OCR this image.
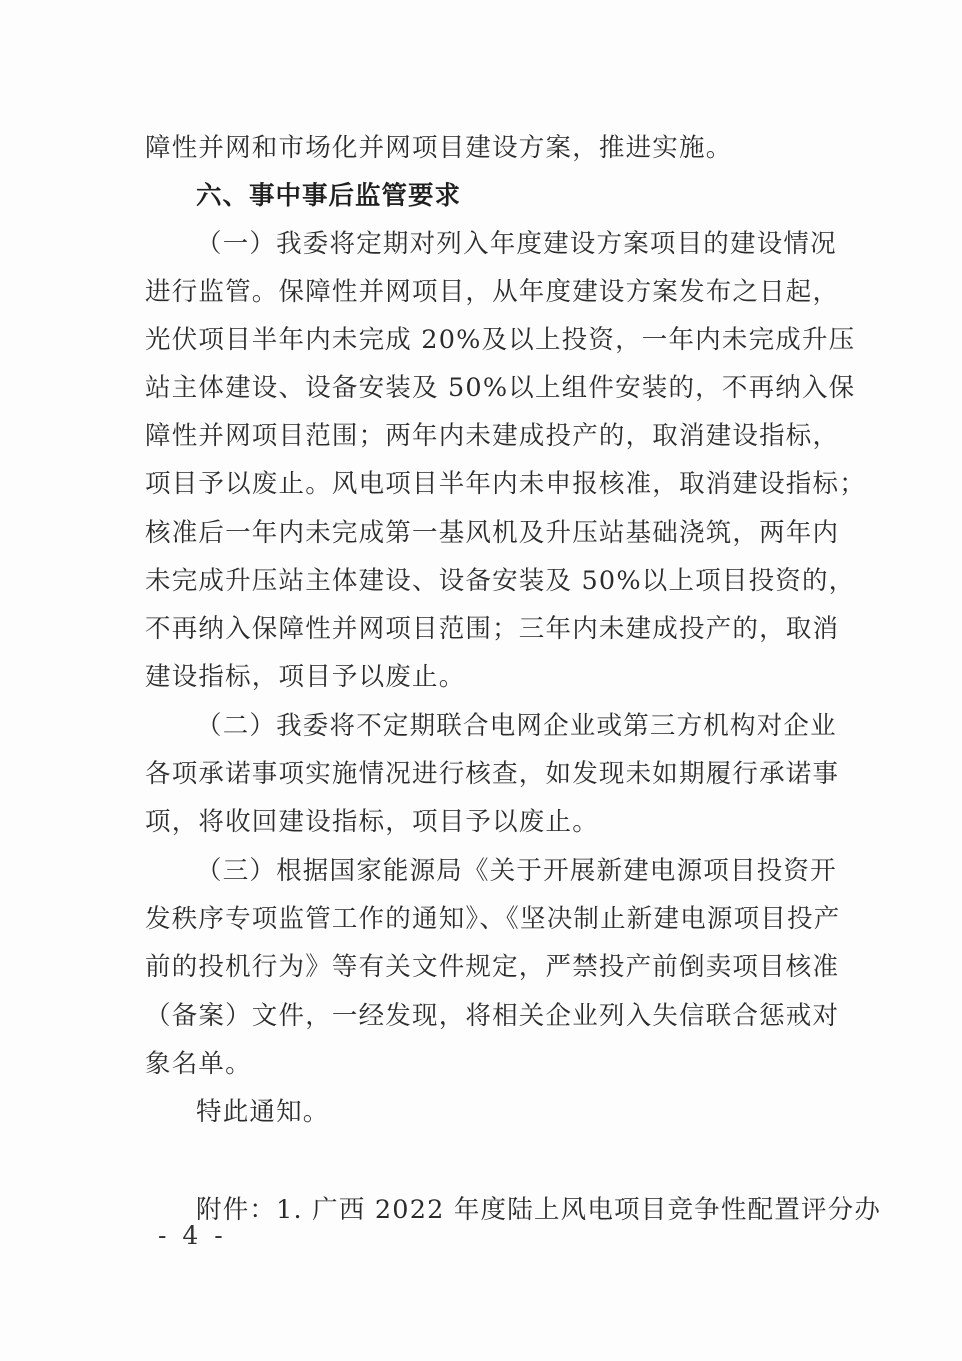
障性并网和市场化并网项目建设方案，推进实施。
六、事中事后监管要求
（一）我委将定期对列入年度建设方案项目的建设情况
进行监管。保障性并网项目，从年度建设方案发布之日起，
光伏项目半年内未完成 20%及以上投资，一年内未完成升压
站主体建设、设备安装及 50%以上组件安装的，不再纳入保
障性并网项目范围；两年内未建成投产的，取消建设指标，
项目予以废止。风电项目半年内未申报核准，取消建设指标；
核准后一年内未完成第一基风机及升压站基础浇筑，两年内
未完成升压站主体建设、设备安装及 50%以上项目投资的，
不再纳入保障性并网项目范围；三年内未建成投产的，取消
建设指标，项目予以废止。
（二）我委将不定期联合电网企业或第三方机构对企业
各项承诺事项实施情况进行核查，如发现未如期履行承诺事
项，将收回建设指标，项目予以废止。
（三）根据国家能源局《关于开展新建电源项目投资开
发秩序专项监管工作的通知》、《坚决制止新建电源项目投产
前的投机行为》等有关文件规定，严禁投产前倒卖项目核准
（备案）文件，一经发现，将相关企业列入失信联合惩戒对
象名单。
特此通知。
附件：1. 广西 2022 年度陆上风电项目竞争性配置评分办
- 4 -
